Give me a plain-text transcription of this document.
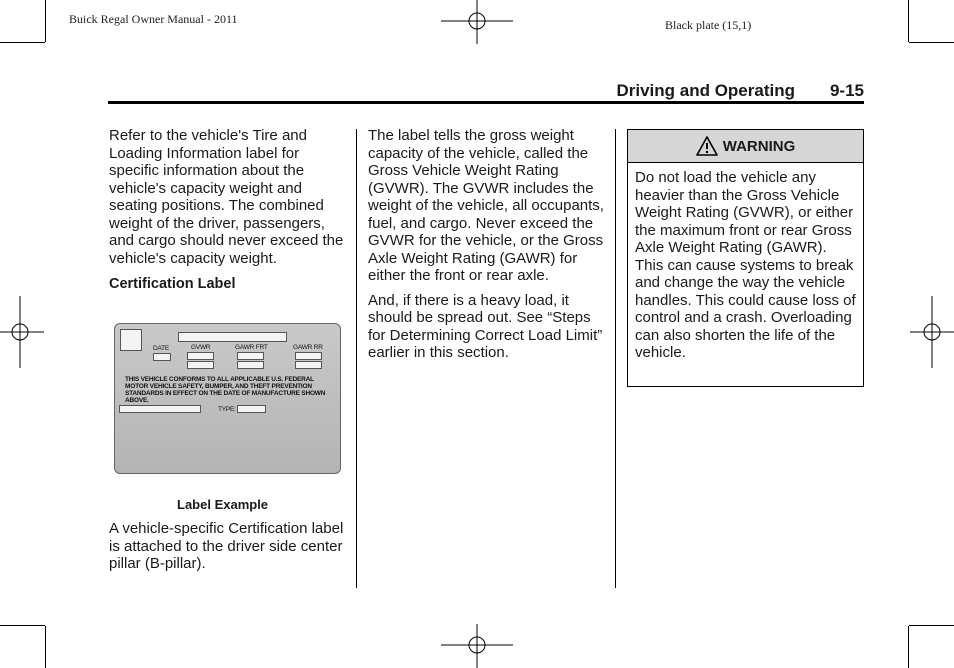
Buick Regal Owner Manual - 2011	Black plate (15,1)
Driving and Operating 9-15

Refer to the vehicle's Tire and Loading Information label for specific information about the vehicle's capacity weight and seating positions. The combined weight of the driver, passengers, and cargo should never exceed the vehicle's capacity weight.

Certification Label

DATE	GVWR	GAWR FRT	GAWR RR
THIS VEHICLE CONFORMS TO ALL APPLICABLE U.S. FEDERAL MOTOR VEHICLE SAFETY, BUMPER, AND THEFT PREVENTION STANDARDS IN EFFECT ON THE DATE OF MANUFACTURE SHOWN ABOVE.
TYPE:
Label Example

A vehicle-specific Certification label is attached to the driver side center pillar (B-pillar).

The label tells the gross weight capacity of the vehicle, called the Gross Vehicle Weight Rating (GVWR). The GVWR includes the weight of the vehicle, all occupants, fuel, and cargo. Never exceed the GVWR for the vehicle, or the Gross Axle Weight Rating (GAWR) for either the front or rear axle.

And, if there is a heavy load, it should be spread out. See “Steps for Determining Correct Load Limit” earlier in this section.

WARNING
Do not load the vehicle any heavier than the Gross Vehicle Weight Rating (GVWR), or either the maximum front or rear Gross Axle Weight Rating (GAWR). This can cause systems to break and change the way the vehicle handles. This could cause loss of control and a crash. Overloading can also shorten the life of the vehicle.
